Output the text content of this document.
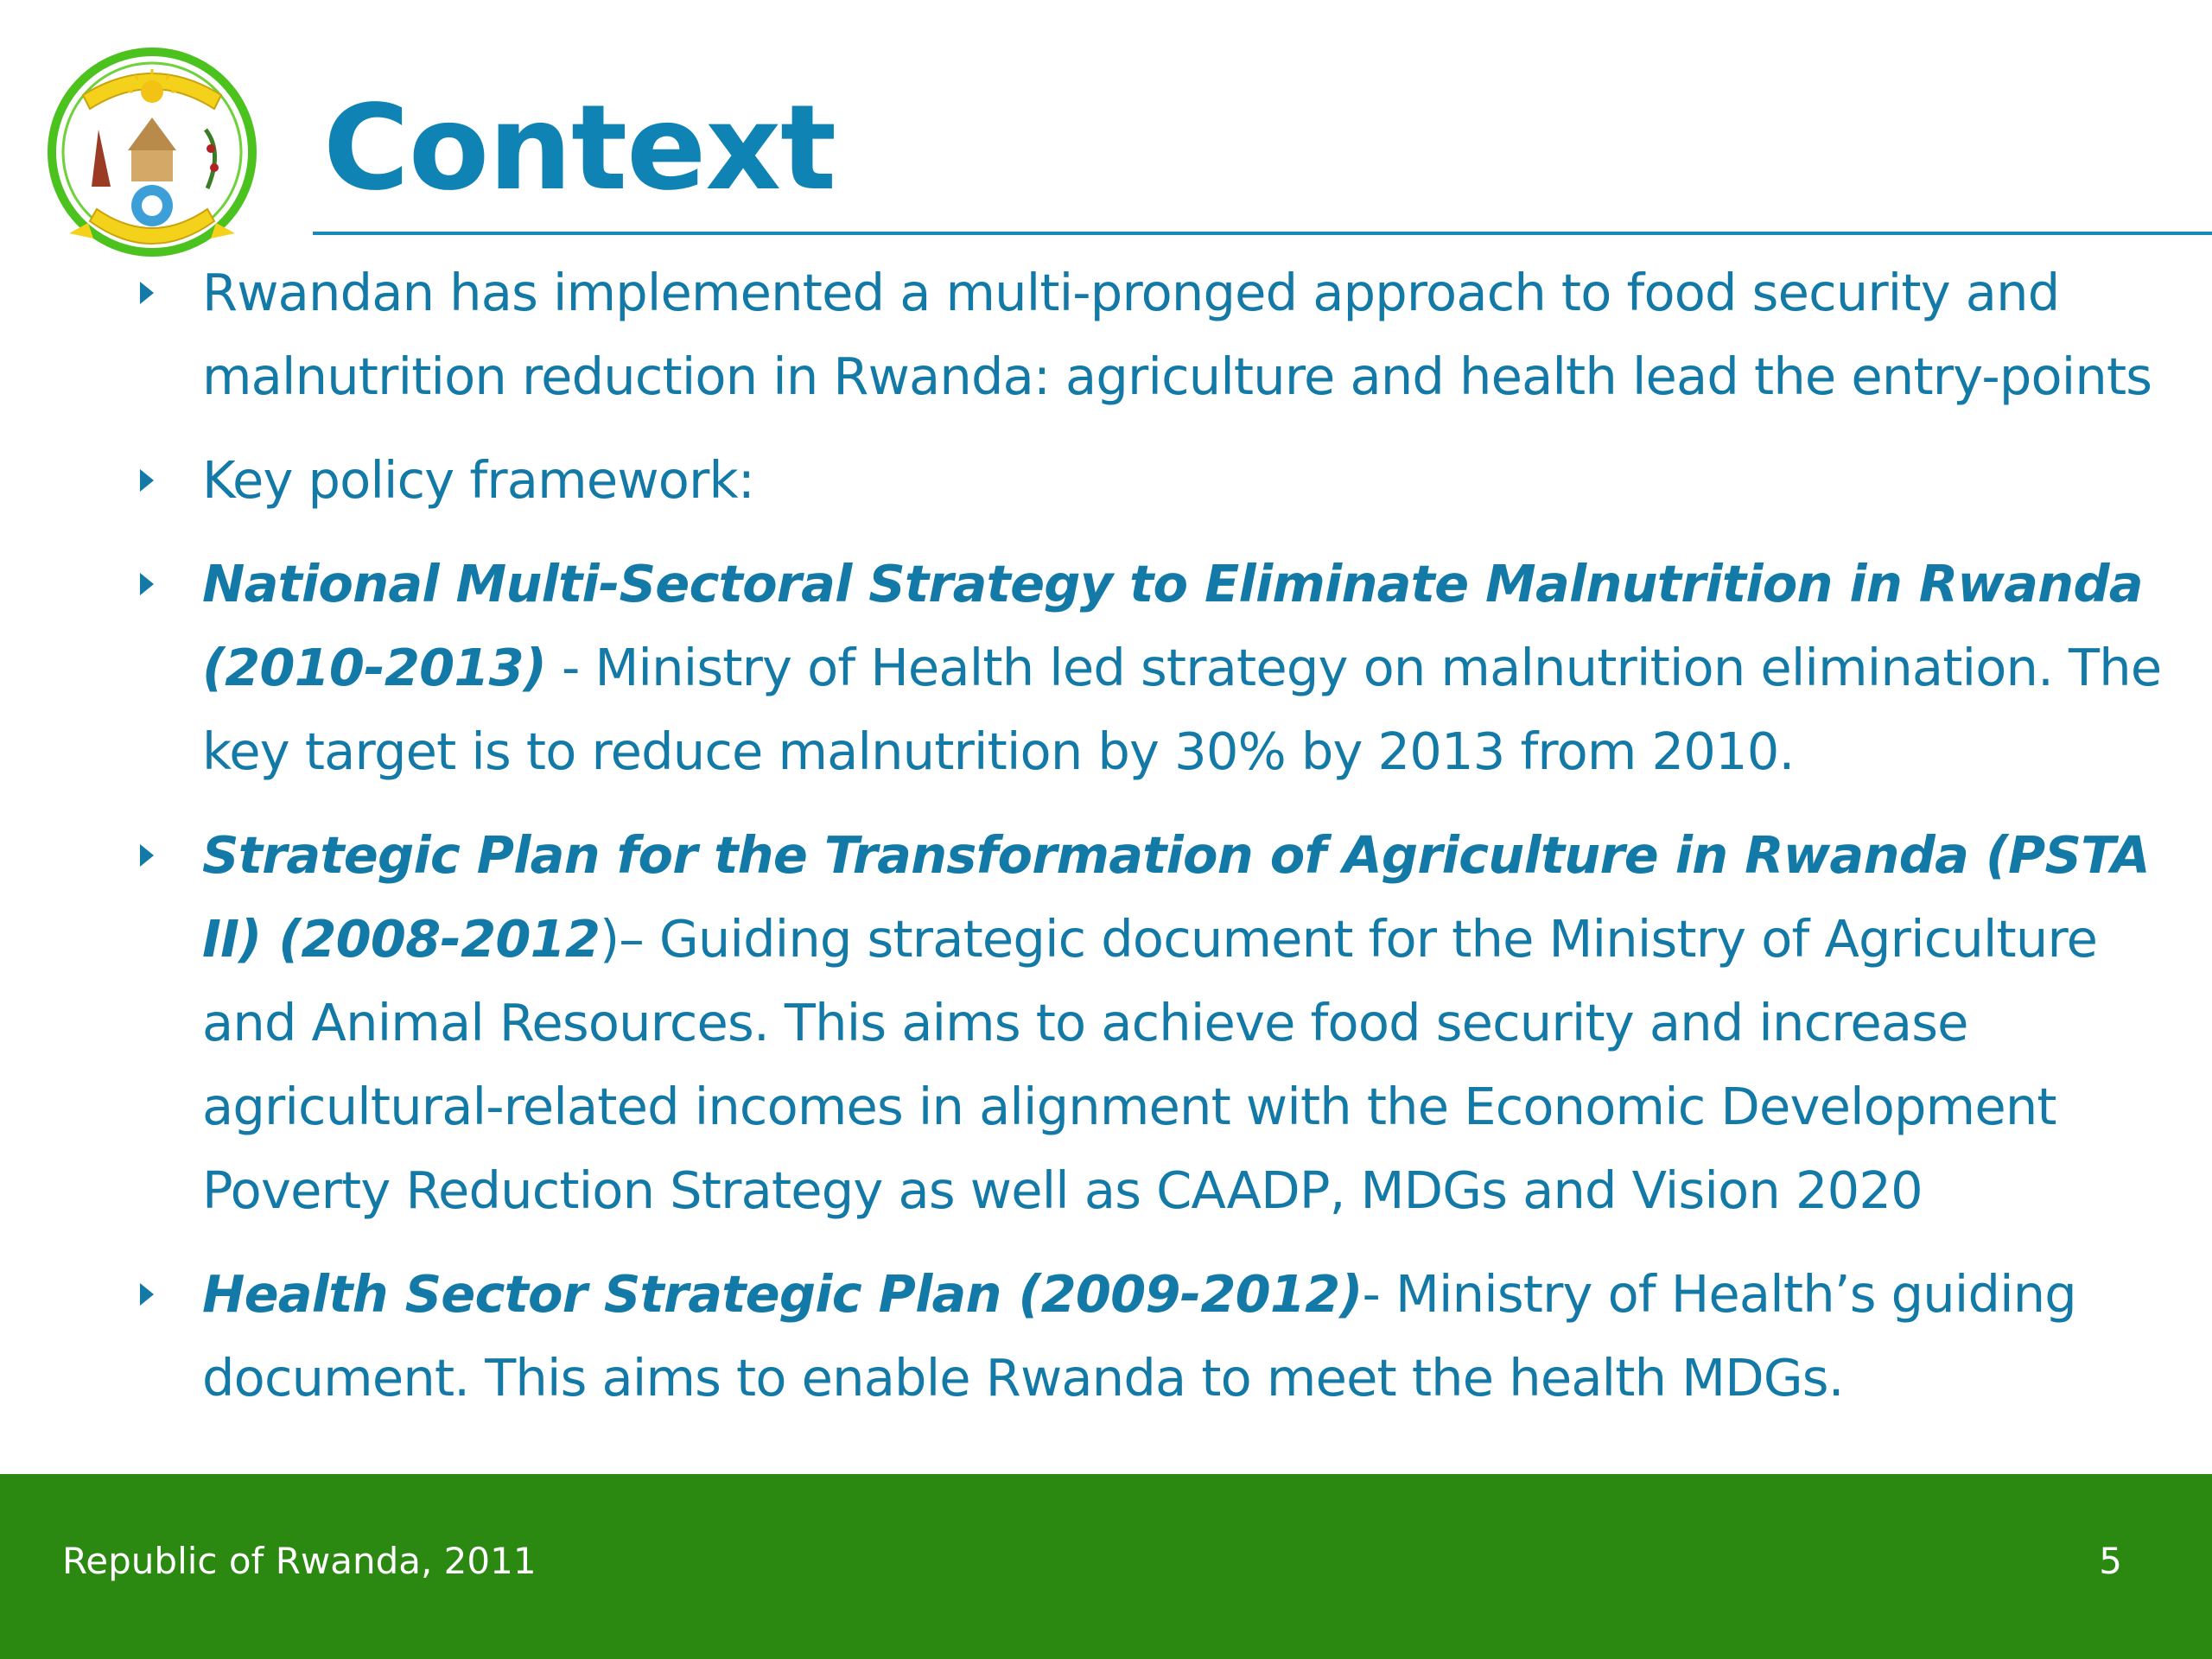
Context
Rwandan has implemented a multi-pronged approach to food security and malnutrition reduction in Rwanda: agriculture and health lead the entry-points
Key policy framework:
National Multi-Sectoral Strategy to Eliminate Malnutrition in Rwanda (2010-2013) - Ministry of Health led strategy on malnutrition elimination. The key target is to reduce malnutrition by 30% by 2013 from 2010.
Strategic Plan for the Transformation of Agriculture in Rwanda (PSTA II) (2008-2012)– Guiding strategic document for the Ministry of Agriculture and Animal Resources. This aims to achieve food security and increase agricultural-related incomes in alignment with the Economic Development Poverty Reduction Strategy as well as CAADP, MDGs and Vision 2020
Health Sector Strategic Plan (2009-2012)- Ministry of Health’s guiding document. This aims to enable Rwanda to meet the health MDGs.
Republic of Rwanda, 2011	5
